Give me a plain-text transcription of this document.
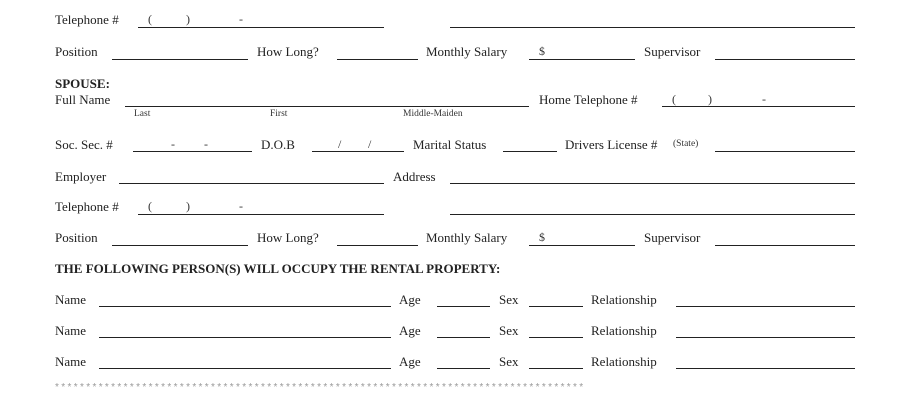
Telephone # (	)	-
Position	How Long?	Monthly Salary	$	Supervisor
SPOUSE:
Full Name
Last	First	Middle-Maiden
Home Telephone #	(	)	-
Soc. Sec. #	- -	D.O.B	/ /	Marital Status	Drivers License # (State)
Employer	Address
Telephone # (	)	-
Position	How Long?	Monthly Salary	$	Supervisor
THE FOLLOWING PERSON(S) WILL OCCUPY THE RENTAL PROPERTY:
Name	Age	Sex	Relationship
Name	Age	Sex	Relationship
Name	Age	Sex	Relationship
*************************************************************************************
